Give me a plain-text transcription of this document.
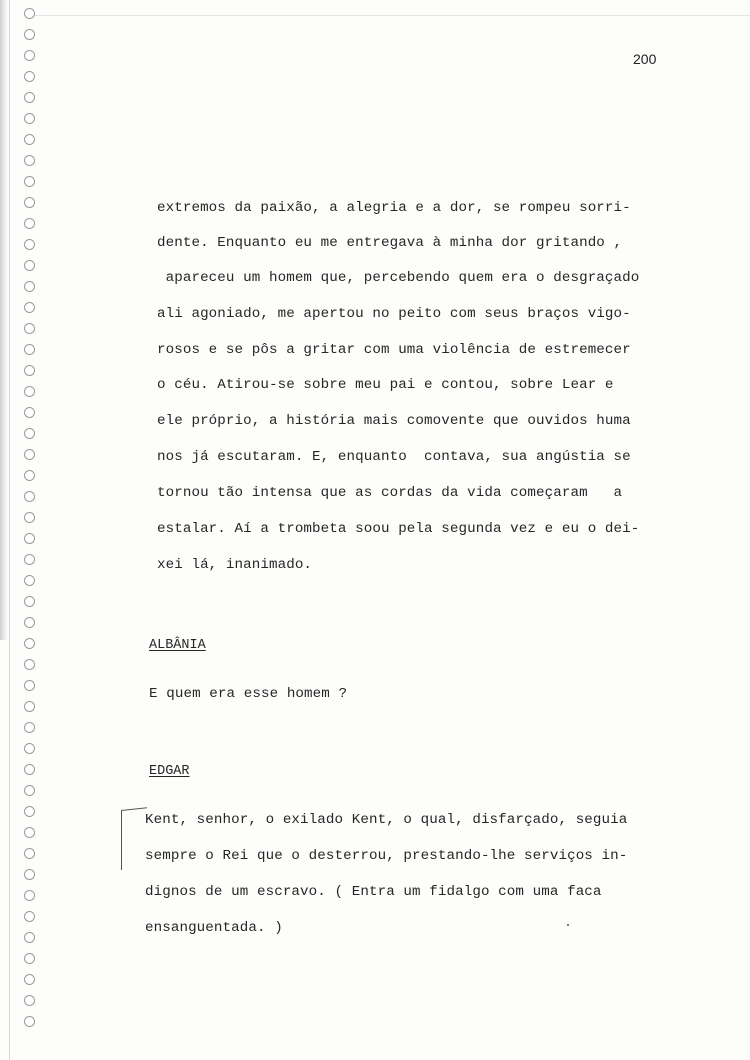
200
extremos da paixão, a alegria e a dor, se rompeu sorri-
dente. Enquanto eu me entregava à minha dor gritando ,
apareceu um homem que, percebendo quem era o desgraçado
ali agoniado, me apertou no peito com seus braços vigo-
rosos e se pôs a gritar com uma violência de estremecer
o céu. Atirou-se sobre meu pai e contou, sobre Lear e
ele próprio, a história mais comovente que ouvidos huma
nos já escutaram. E, enquanto  contava, sua angústia se
tornou tão intensa que as cordas da vida começaram   a
estalar. Aí a trombeta soou pela segunda vez e eu o dei-
xei lá, inanimado.
ALBÂNIA
E quem era esse homem ?
EDGAR
Kent, senhor, o exilado Kent, o qual, disfarçado, seguia
sempre o Rei que o desterrou, prestando-lhe serviços in-
dignos de um escravo. ( Entra um fidalgo com uma faca
ensanguentada. )
